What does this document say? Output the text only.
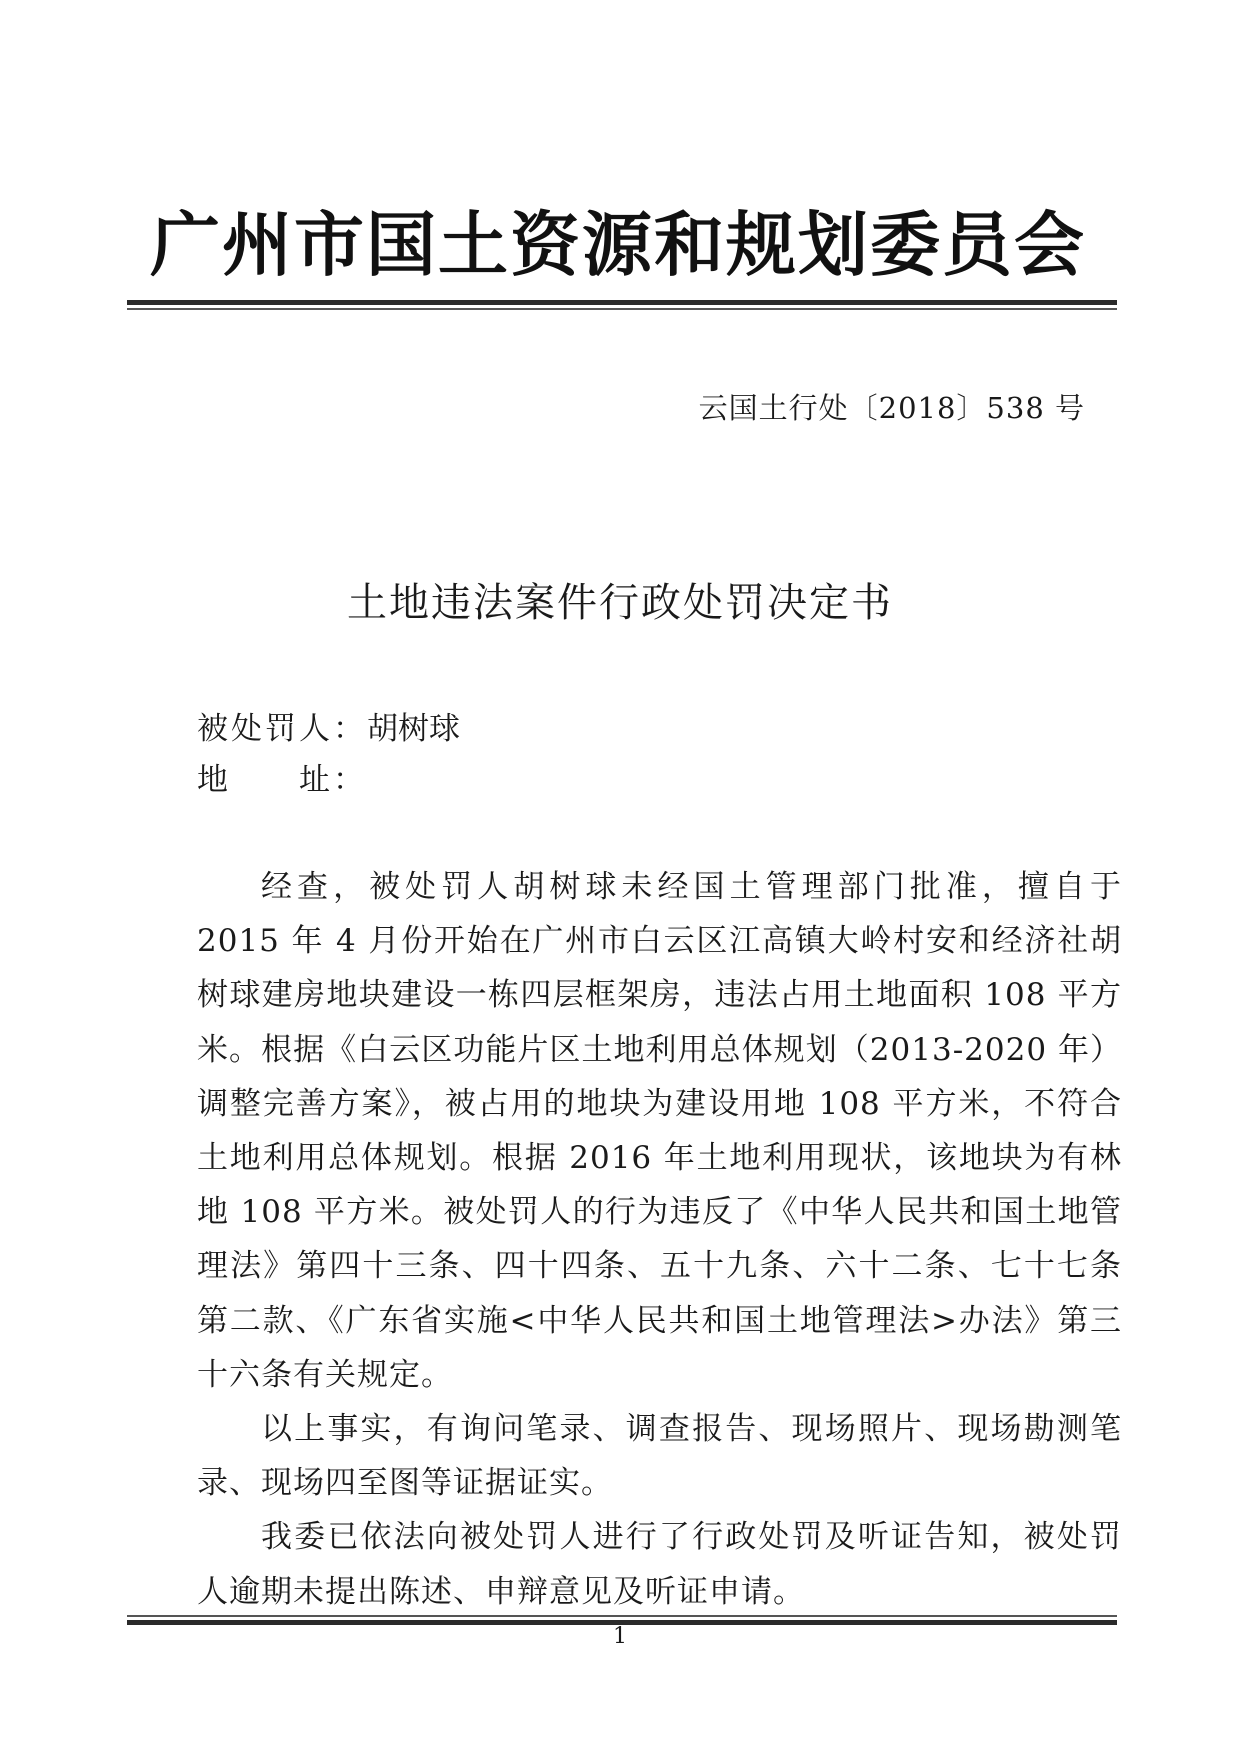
广州市国土资源和规划委员会
云国土行处〔2018〕538 号
土地违法案件行政处罚决定书
被处罚人：胡树球
地　　址：

经查，被处罚人胡树球未经国土管理部门批准，擅自于 2015 年 4 月份开始在广州市白云区江高镇大岭村安和经济社胡树球建房地块建设一栋四层框架房，违法占用土地面积 108 平方米。根据《白云区功能片区土地利用总体规划（2013-2020 年）调整完善方案》，被占用的地块为建设用地 108 平方米，不符合土地利用总体规划。根据 2016 年土地利用现状，该地块为有林地 108 平方米。被处罚人的行为违反了《中华人民共和国土地管理法》第四十三条、四十四条、五十九条、六十二条、七十七条第二款、《广东省实施<中华人民共和国土地管理法>办法》第三十六条有关规定。

以上事实，有询问笔录、调查报告、现场照片、现场勘测笔录、现场四至图等证据证实。

我委已依法向被处罚人进行了行政处罚及听证告知，被处罚人逾期未提出陈述、申辩意见及听证申请。

1
